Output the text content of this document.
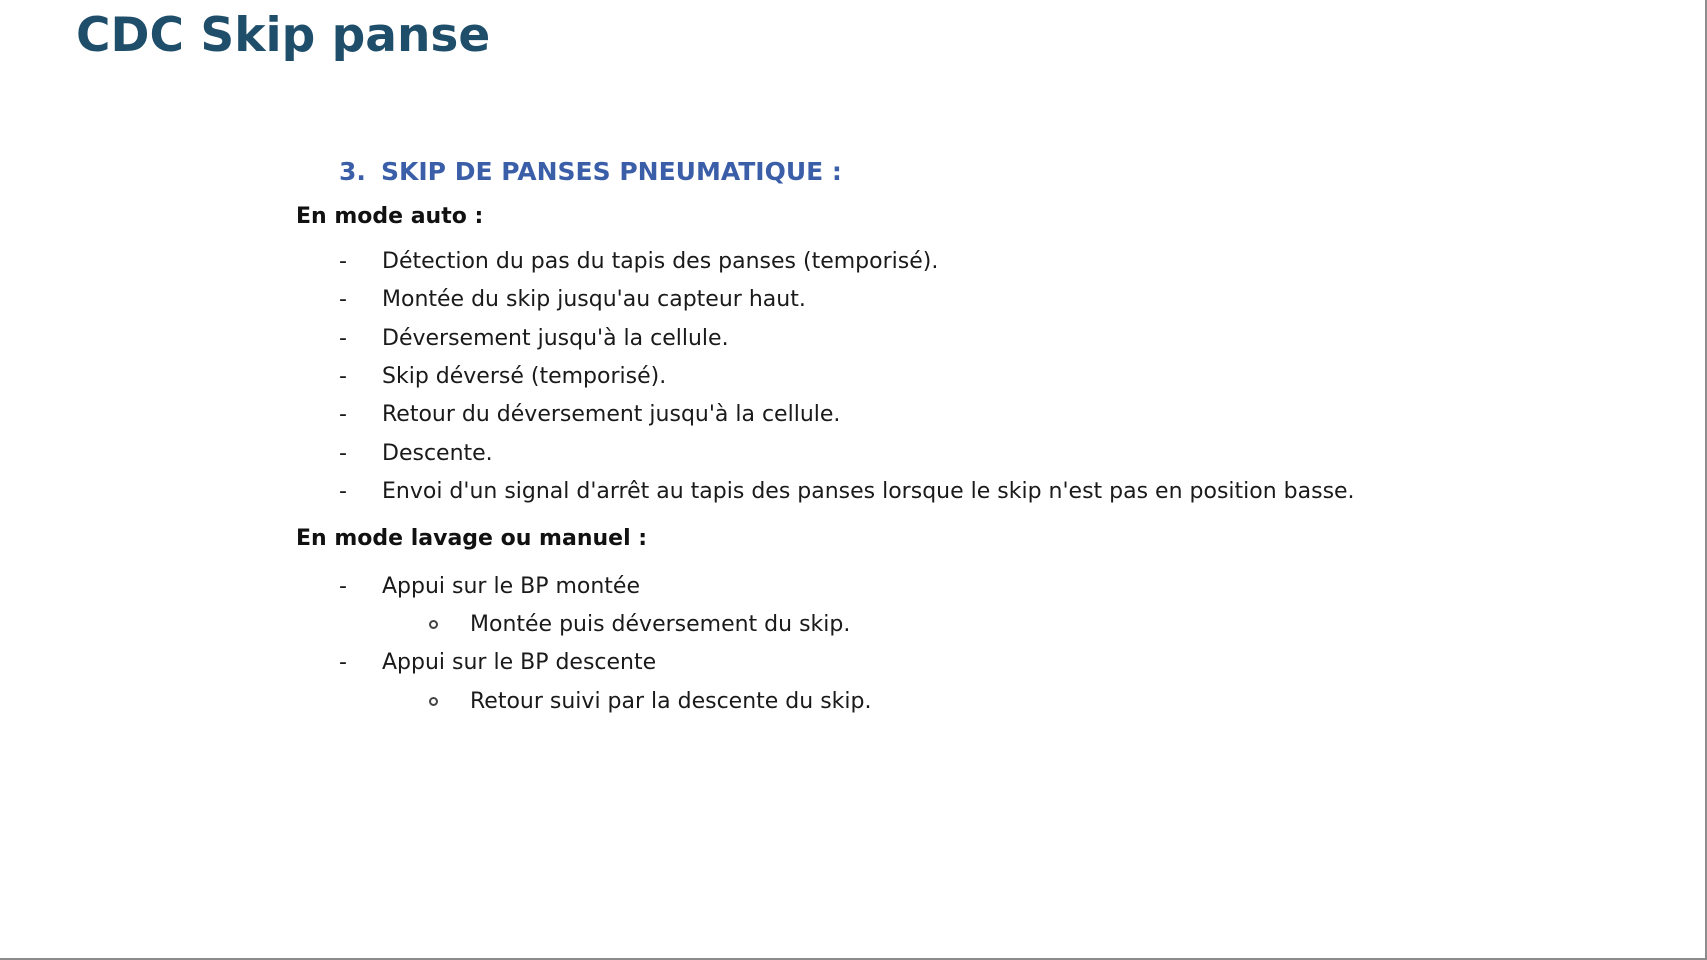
CDC Skip panse
3. SKIP DE PANSES PNEUMATIQUE :
En mode auto :
- Détection du pas du tapis des panses (temporisé).
- Montée du skip jusqu'au capteur haut.
- Déversement jusqu'à la cellule.
- Skip déversé (temporisé).
- Retour du déversement jusqu'à la cellule.
- Descente.
- Envoi d'un signal d'arrêt au tapis des panses lorsque le skip n'est pas en position basse.
En mode lavage ou manuel :
- Appui sur le BP montée
Montée puis déversement du skip.
- Appui sur le BP descente
Retour suivi par la descente du skip.
